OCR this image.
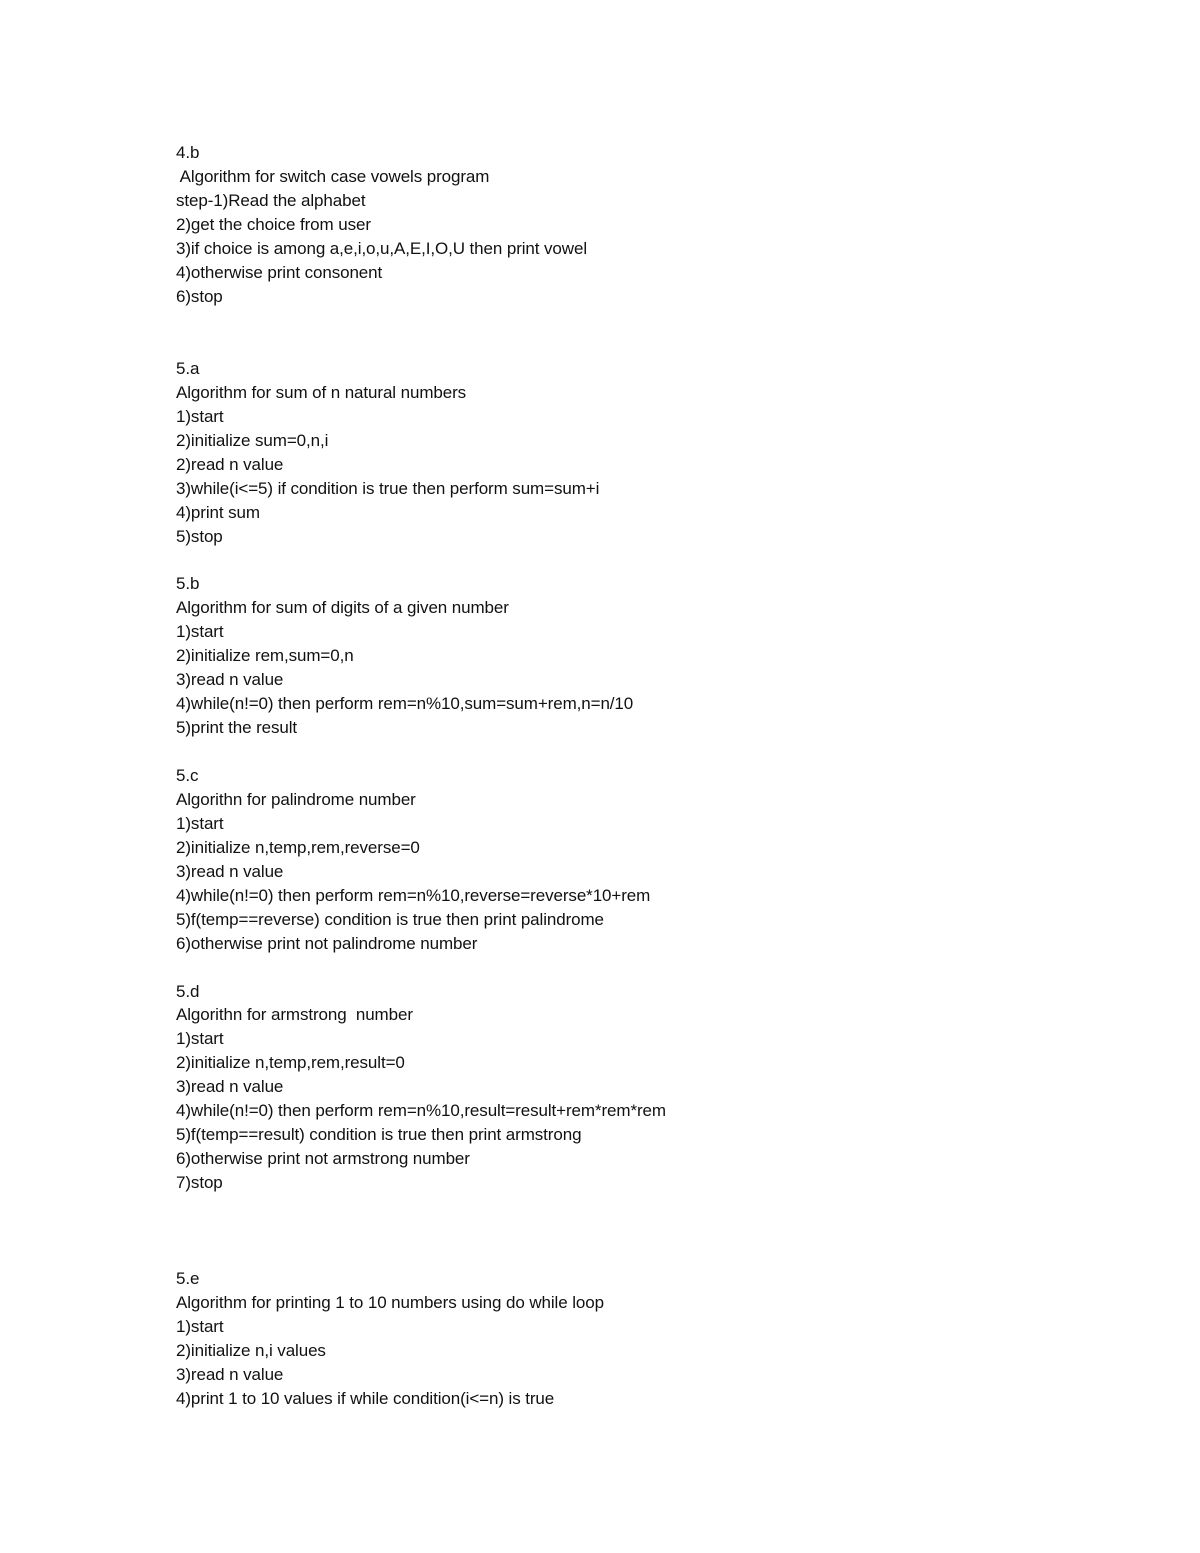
4.b
Algorithm for switch case vowels program
step-1)Read the alphabet
2)get the choice from user
3)if choice is among a,e,i,o,u,A,E,I,O,U then print vowel
4)otherwise print consonent
6)stop
5.a
Algorithm for sum of n natural numbers
1)start
2)initialize sum=0,n,i
2)read n value
3)while(i<=5) if condition is true then perform sum=sum+i
4)print sum
5)stop
5.b
Algorithm for sum of digits of a given number
1)start
2)initialize rem,sum=0,n
3)read n value
4)while(n!=0) then perform rem=n%10,sum=sum+rem,n=n/10
5)print the result
5.c
Algorithn for palindrome number
1)start
2)initialize n,temp,rem,reverse=0
3)read n value
4)while(n!=0) then perform rem=n%10,reverse=reverse*10+rem
5)f(temp==reverse) condition is true then print palindrome
6)otherwise print not palindrome number
5.d
Algorithn for armstrong  number
1)start
2)initialize n,temp,rem,result=0
3)read n value
4)while(n!=0) then perform rem=n%10,result=result+rem*rem*rem
5)f(temp==result) condition is true then print armstrong
6)otherwise print not armstrong number
7)stop
5.e
Algorithm for printing 1 to 10 numbers using do while loop
1)start
2)initialize n,i values
3)read n value
4)print 1 to 10 values if while condition(i<=n) is true
